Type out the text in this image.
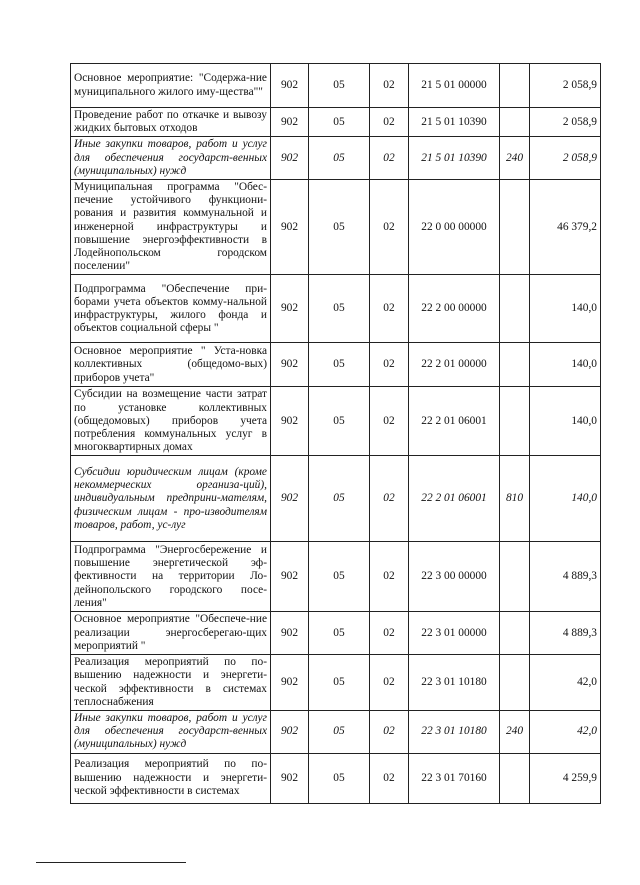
Основное мероприятие: "Содержа-ние муниципального жилого иму-щества""	902	05	02	21 5 01 00000		2 058,9
Проведение работ по откачке и вывозу жидких бытовых отходов	902	05	02	21 5 01 10390		2 058,9
Иные закупки товаров, работ и услуг для обеспечения государст-венных (муниципальных) нужд	902	05	02	21 5 01 10390	240	2 058,9
Муниципальная программа "Обес-печение устойчивого функциони-рования и развития коммунальной и инженерной инфраструктуры и повышение энергоэффективности в Лодейнопольском городском поселении"	902	05	02	22 0 00 00000		46 379,2
Подпрограмма "Обеспечение при-борами учета объектов комму-нальной инфраструктуры, жилого фонда и объектов социальной сферы "	902	05	02	22 2 00 00000		140,0
Основное мероприятие " Уста-новка коллективных (общедомо-вых) приборов учета"	902	05	02	22 2 01 00000		140,0
Субсидии на возмещение части затрат по установке коллективных (общедомовых) приборов учета потребления коммунальных услуг в многоквартирных домах	902	05	02	22 2 01 06001		140,0
Субсидии юридическим лицам (кроме некоммерческих организа-ций), индивидуальным предприни-мателям, физическим лицам - про-изводителям товаров, работ, ус-луг	902	05	02	22 2 01 06001	810	140,0
Подпрограмма "Энергосбережение и повышение энергетической эф-фективности на территории Ло-дейнопольского городского посе-ления"	902	05	02	22 3 00 00000		4 889,3
Основное мероприятие "Обеспече-ние реализации энергосберегаю-щих мероприятий "	902	05	02	22 3 01 00000		4 889,3
Реализация мероприятий по по-вышению надежности и энергети-ческой эффективности в системах теплоснабжения	902	05	02	22 3 01 10180		42,0
Иные закупки товаров, работ и услуг для обеспечения государст-венных (муниципальных) нужд	902	05	02	22 3 01 10180	240	42,0
Реализация мероприятий по по-вышению надежности и энергети-ческой эффективности в системах	902	05	02	22 3 01 70160		4 259,9
